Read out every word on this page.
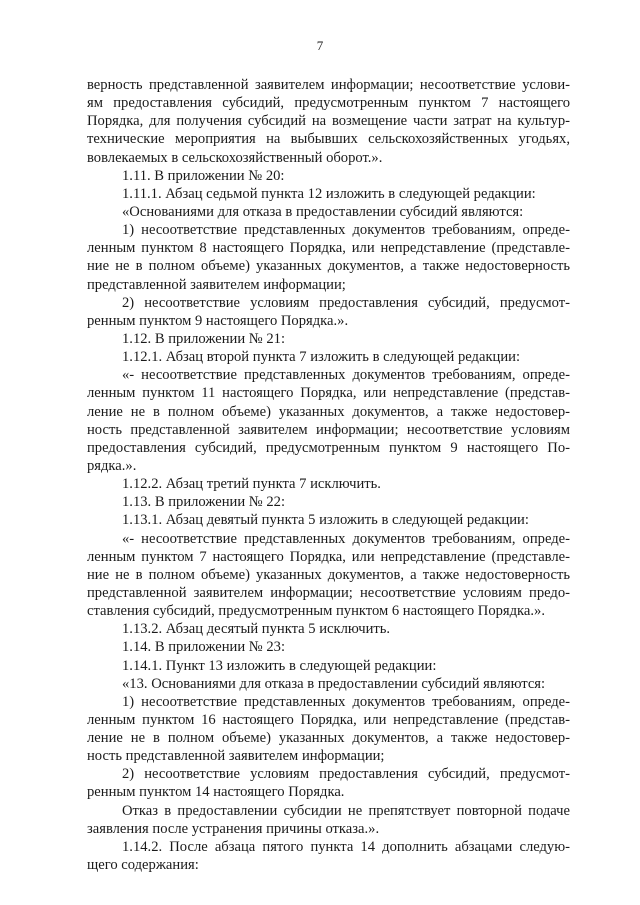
7
верность представленной заявителем информации; несоответствие услови-
ям предоставления субсидий, предусмотренным пунктом 7 настоящего
Порядка, для получения субсидий на возмещение части затрат на культур-
технические мероприятия на выбывших сельскохозяйственных угодьях,
вовлекаемых в сельскохозяйственный оборот.».
1.11. В приложении № 20:
1.11.1. Абзац седьмой пункта 12 изложить в следующей редакции:
«Основаниями для отказа в предоставлении субсидий являются:
1) несоответствие представленных документов требованиям, опреде-
ленным пунктом 8 настоящего Порядка, или непредставление (представле-
ние не в полном объеме) указанных документов, а также недостоверность
представленной заявителем информации;
2) несоответствие условиям предоставления субсидий, предусмот-
ренным пунктом 9 настоящего Порядка.».
1.12. В приложении № 21:
1.12.1. Абзац второй пункта 7 изложить в следующей редакции:
«- несоответствие представленных документов требованиям, опреде-
ленным пунктом 11 настоящего Порядка, или непредставление (представ-
ление не в полном объеме) указанных документов, а также недостовер-
ность представленной заявителем информации; несоответствие условиям
предоставления субсидий, предусмотренным пунктом 9 настоящего По-
рядка.».
1.12.2. Абзац третий пункта 7 исключить.
1.13. В приложении № 22:
1.13.1. Абзац девятый пункта 5 изложить в следующей редакции:
«- несоответствие представленных документов требованиям, опреде-
ленным пунктом 7 настоящего Порядка, или непредставление (представле-
ние не в полном объеме) указанных документов, а также недостоверность
представленной заявителем информации; несоответствие условиям предо-
ставления субсидий, предусмотренным пунктом 6 настоящего Порядка.».
1.13.2. Абзац десятый пункта 5 исключить.
1.14. В приложении № 23:
1.14.1. Пункт 13 изложить в следующей редакции:
«13. Основаниями для отказа в предоставлении субсидий являются:
1) несоответствие представленных документов требованиям, опреде-
ленным пунктом 16 настоящего Порядка, или непредставление (представ-
ление не в полном объеме) указанных документов, а также недостовер-
ность представленной заявителем информации;
2) несоответствие условиям предоставления субсидий, предусмот-
ренным пунктом 14 настоящего Порядка.
Отказ в предоставлении субсидии не препятствует повторной подаче
заявления после устранения причины отказа.».
1.14.2. После абзаца пятого пункта 14 дополнить абзацами следую-
щего содержания:
